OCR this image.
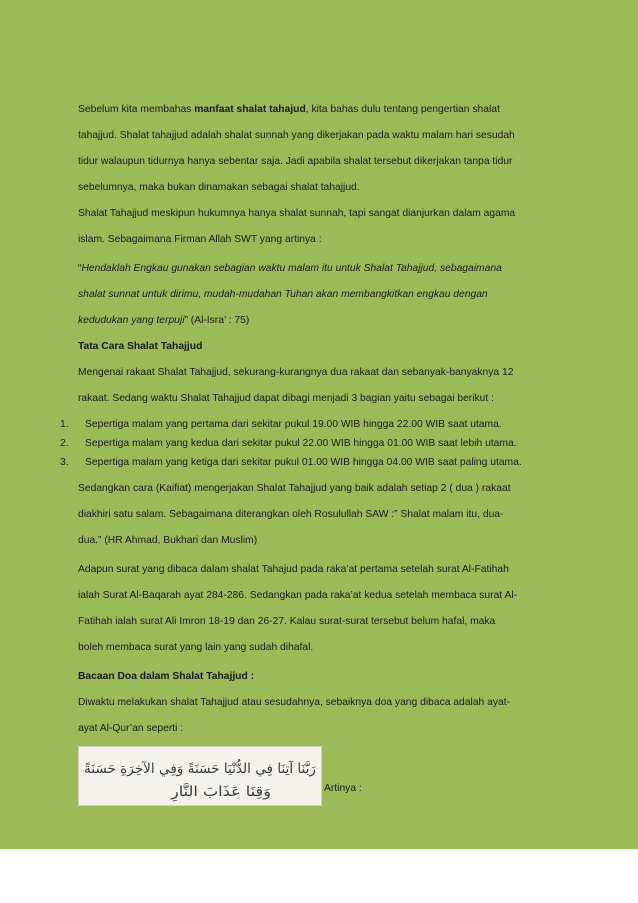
Sebelum kita membahas manfaat shalat tahajud, kita bahas dulu tentang pengertian shalat
tahajjud. Shalat tahajjud adalah shalat sunnah yang dikerjakan pada waktu malam hari sesudah
tidur walaupun tidurnya hanya sebentar saja. Jadi apabila shalat tersebut dikerjakan tanpa tidur
sebelumnya, maka bukan dinamakan sebagai shalat tahajjud.

Shalat Tahajjud meskipun hukumnya hanya shalat sunnah, tapi sangat dianjurkan dalam agama
islam. Sebagaimana Firman Allah SWT yang artinya :

“Hendaklah Engkau gunakan sebagian waktu malam itu untuk Shalat Tahajjud, sebagaimana
shalat sunnat untuk dirimu, mudah-mudahan Tuhan akan membangkitkan engkau dengan
kedudukan yang terpuji” (Al-Isra’ : 75)

Tata Cara Shalat Tahajjud

Mengenai rakaat Shalat Tahajjud, sekurang-kurangnya dua rakaat dan sebanyak-banyaknya 12
rakaat. Sedang waktu Shalat Tahajjud dapat dibagi menjadi 3 bagian yaitu sebagai berikut :

1. Sepertiga malam yang pertama dari sekitar pukul 19.00 WIB hingga 22.00 WIB saat utama.
2. Sepertiga malam yang kedua dari sekitar pukul 22.00 WIB hingga 01.00 WIB saat lebih utama.
3. Sepertiga malam yang ketiga dari sekitar pukul 01.00 WIB hingga 04.00 WIB saat paling utama.

Sedangkan cara (Kaifiat) mengerjakan Shalat Tahajjud yang baik adalah setiap 2 ( dua ) rakaat
diakhiri satu salam. Sebagaimana diterangkan oleh Rosulullah SAW :” Shalat malam itu, dua-
dua.” (HR Ahmad, Bukhari dan Muslim)

Adapun surat yang dibaca dalam shalat Tahajud pada raka’at pertama setelah surat Al-Fatihah
ialah Surat Al-Baqarah ayat 284-286. Sedangkan pada raka’at kedua setelah membaca surat Al-
Fatihah ialah surat Ali Imron 18-19 dan 26-27. Kalau surat-surat tersebut belum hafal, maka
boleh membaca surat yang lain yang sudah dihafal.

Bacaan Doa dalam Shalat Tahajjud :

Diwaktu melakukan shalat Tahajjud atau sesudahnya, sebaiknya doa yang dibaca adalah ayat-
ayat Al-Qur’an seperti :

رَبَّنَا آتِنَا فِي الدُّنْيَا حَسَنَةً وَفِي الآخِرَةِ حَسَنَةً
وَقِنَا عَذَابَ النَّارِ	Artinya :
